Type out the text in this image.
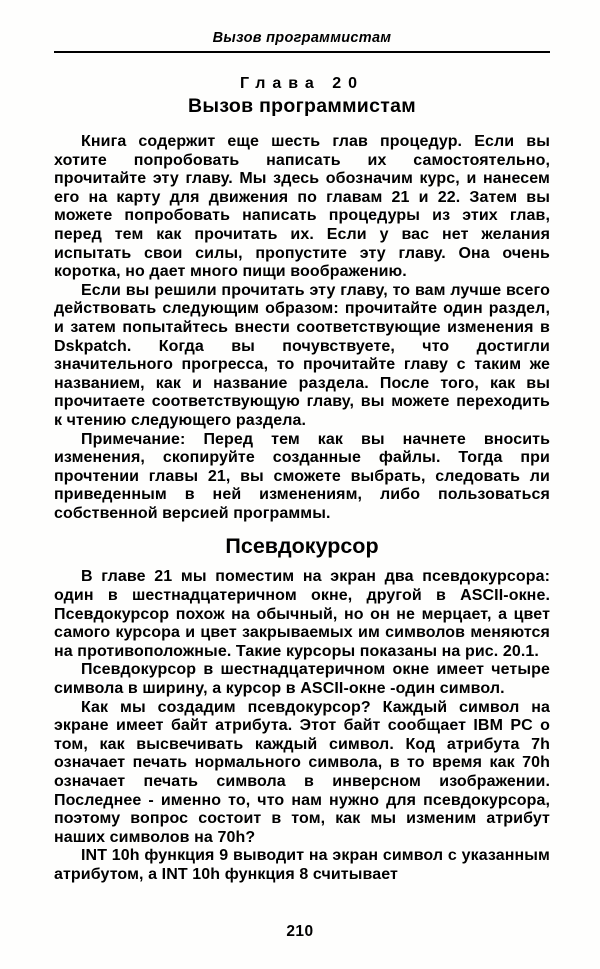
Вызов программистам
Глава 20
Вызов программистам

Книга содержит еще шесть глав процедур. Если вы хотите попробовать написать их самостоятельно, прочитайте эту главу. Мы здесь обозначим курс, и нанесем его на карту для движения по главам 21 и 22. Затем вы можете попробовать написать процедуры из этих глав, перед тем как прочитать их. Если у вас нет желания испытать свои силы, пропустите эту главу. Она очень коротка, но дает много пищи воображению.

Если вы решили прочитать эту главу, то вам лучше всего действовать следующим образом: прочитайте один раздел, и затем попытайтесь внести соответствующие изменения в Dskpatch. Когда вы почувствуете, что достигли значительного прогресса, то прочитайте главу с таким же названием, как и название раздела. После того, как вы прочитаете соответствующую главу, вы можете переходить к чтению следующего раздела.

Примечание: Перед тем как вы начнете вносить изменения, скопируйте созданные файлы. Тогда при прочтении главы 21, вы сможете выбрать, следовать ли приведенным в ней изменениям, либо пользоваться собственной версией программы.

Псевдокурсор

В главе 21 мы поместим на экран два псевдокурсора: один в шестнадцатеричном окне, другой в ASCII-окне. Псевдокурсор похож на обычный, но он не мерцает, а цвет самого курсора и цвет закрываемых им символов меняются на противоположные. Такие курсоры показаны на рис. 20.1.

Псевдокурсор в шестнадцатеричном окне имеет четыре символа в ширину, а курсор в ASCII-окне -один символ.

Как мы создадим псевдокурсор? Каждый символ на экране имеет байт атрибута. Этот байт сообщает IBM PC о том, как высвечивать каждый символ. Код атрибута 7h означает печать нормального символа, в то время как 70h означает печать символа в инверсном изображении. Последнее - именно то, что нам нужно для псевдокурсора, поэтому вопрос состоит в том, как мы изменим атрибут наших символов на 70h?

INT 10h функция 9 выводит на экран символ с указанным атрибутом, а INT 10h функция 8 считывает

210
